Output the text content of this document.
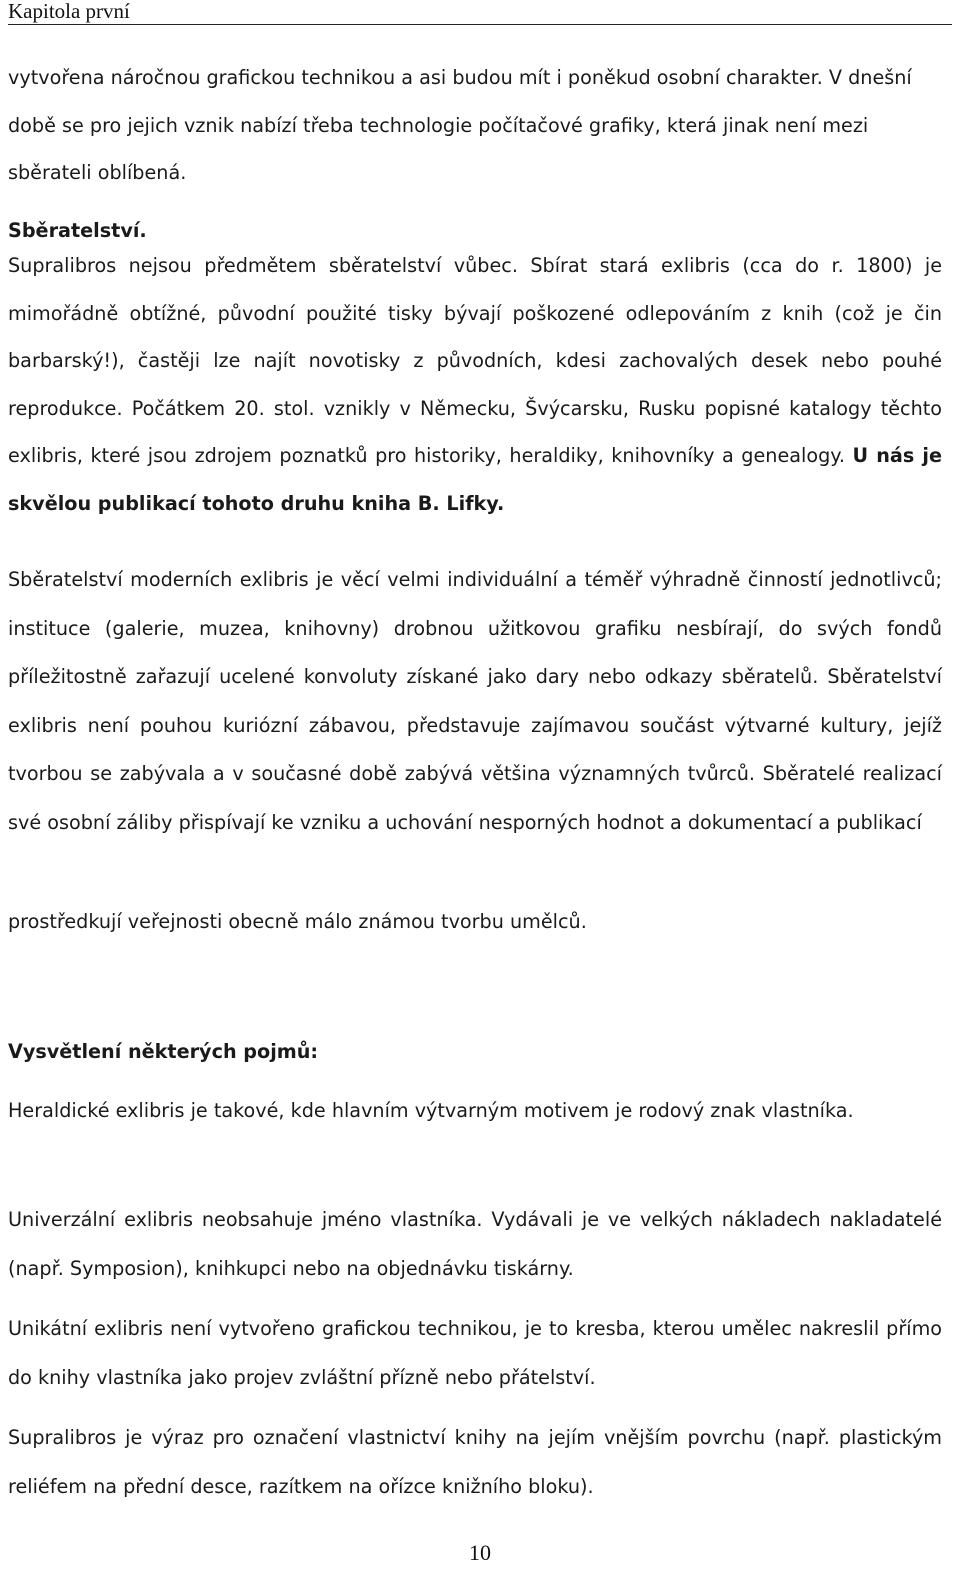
Kapitola první

vytvořena náročnou grafickou technikou a asi budou mít i poněkud osobní charakter. V dnešní době se pro jejich vznik nabízí třeba technologie počítačové grafiky, která jinak není mezi sběrateli oblíbená.

Sběratelství.

Supralibros nejsou předmětem sběratelství vůbec. Sbírat stará exlibris (cca do r. 1800) je mimořádně obtížné, původní použité tisky bývají poškozené odlepováním z knih (což je čin barbarský!), častěji lze najít novotisky z původních, kdesi zachovalých desek nebo pouhé reprodukce. Počátkem 20. stol. vznikly v Německu, Švýcarsku, Rusku popisné katalogy těchto exlibris, které jsou zdrojem poznatků pro historiky, heraldiky, knihovníky a genealogy. U nás je skvělou publikací tohoto druhu kniha B. Lifky.

Sběratelství moderních exlibris je věcí velmi individuální a téměř výhradně činností jednotlivců; instituce (galerie, muzea, knihovny) drobnou užitkovou grafiku nesbírají, do svých fondů příležitostně zařazují ucelené konvoluty získané jako dary nebo odkazy sběratelů. Sběratelství exlibris není pouhou kuriózní zábavou, představuje zajímavou součást výtvarné kultury, jejíž tvorbou se zabývala a v současné době zabývá většina významných tvůrců. Sběratelé realizací své osobní záliby přispívají ke vzniku a uchování nesporných hodnot a dokumentací a publikací

prostředkují veřejnosti obecně málo známou tvorbu umělců.

Vysvětlení některých pojmů:

Heraldické exlibris je takové, kde hlavním výtvarným motivem je rodový znak vlastníka.

Univerzální exlibris neobsahuje jméno vlastníka. Vydávali je ve velkých nákladech nakladatelé (např. Symposion), knihkupci nebo na objednávku tiskárny.

Unikátní exlibris není vytvořeno grafickou technikou, je to kresba, kterou umělec nakreslil přímo do knihy vlastníka jako projev zvláštní přízně nebo přátelství.

Supralibros je výraz pro označení vlastnictví knihy na jejím vnějším povrchu (např. plastickým reliéfem na přední desce, razítkem na ořízce knižního bloku).

10
